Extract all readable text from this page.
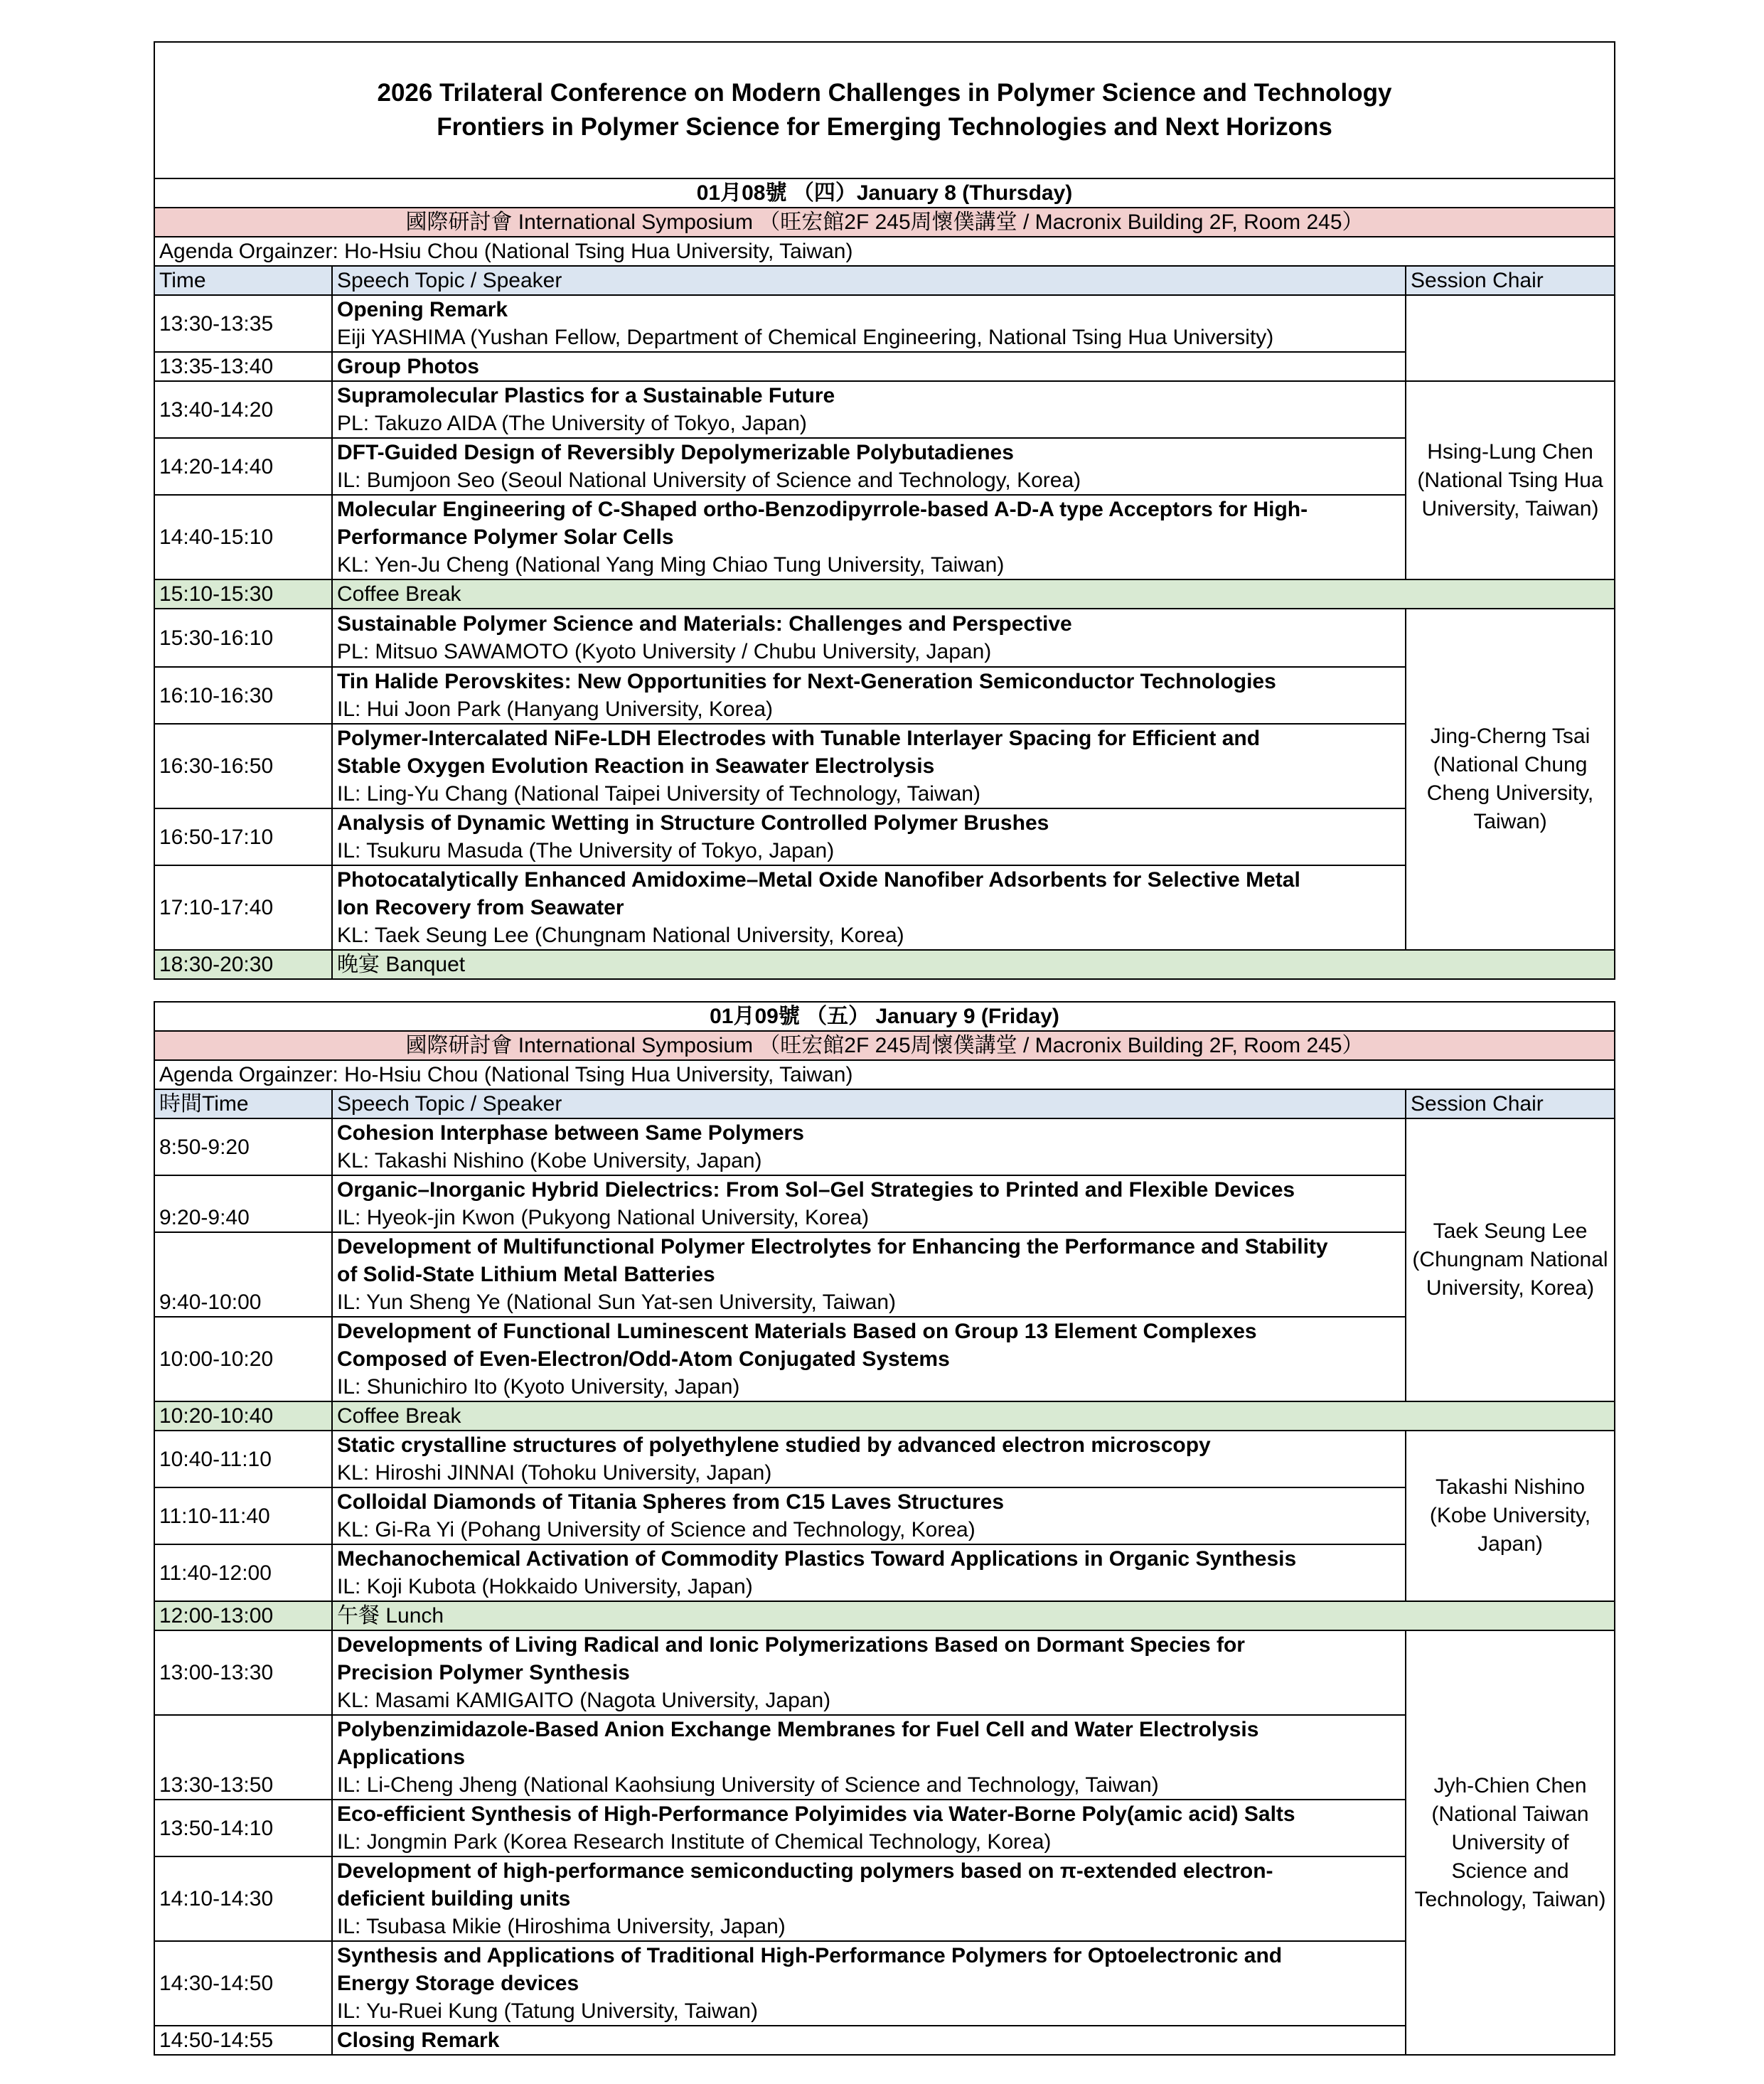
2026 Trilateral Conference on Modern Challenges in Polymer Science and Technology
Frontiers in Polymer Science for Emerging Technologies and Next Horizons		

01月08號 （四）January 8 (Thursday)		
國際研討會 International Symposium （旺宏館2F 245周懷僕講堂 / Macronix Building 2F, Room 245）		
Agenda Orgainzer: Ho-Hsiu Chou (National Tsing Hua University, Taiwan)		
Time	Speech Topic / Speaker	Session Chair
13:30-13:35	Opening Remark
Eiji YASHIMA (Yushan Fellow, Department of Chemical Engineering, National Tsing Hua University)	

13:35-13:40	Group Photos	

13:40-14:20	Supramolecular Plastics for a Sustainable Future
PL: Takuzo AIDA (The University of Tokyo, Japan)	Hsing-Lung Chen (National Tsing Hua University, Taiwan)
14:20-14:40	DFT-Guided Design of Reversibly Depolymerizable Polybutadienes
IL: Bumjoon Seo (Seoul National University of Science and Technology, Korea)	

14:40-15:10	Molecular Engineering of C-Shaped ortho-Benzodipyrrole-based A-D-A type Acceptors for High-
Performance Polymer Solar Cells
KL: Yen-Ju Cheng (National Yang Ming Chiao Tung University, Taiwan)	

15:10-15:30	Coffee Break	
15:30-16:10	Sustainable Polymer Science and Materials: Challenges and Perspective
PL: Mitsuo SAWAMOTO (Kyoto University / Chubu University, Japan)	Jing-Cherng Tsai (National Chung Cheng University, Taiwan)
16:10-16:30	Tin Halide Perovskites: New Opportunities for Next-Generation Semiconductor Technologies
IL: Hui Joon Park (Hanyang University, Korea)	

16:30-16:50	Polymer-Intercalated NiFe-LDH Electrodes with Tunable Interlayer Spacing for Efficient and
Stable Oxygen Evolution Reaction in Seawater Electrolysis
IL: Ling-Yu Chang (National Taipei University of Technology, Taiwan)	

16:50-17:10	Analysis of Dynamic Wetting in Structure Controlled Polymer Brushes
IL: Tsukuru Masuda (The University of Tokyo, Japan)	

17:10-17:40	Photocatalytically Enhanced Amidoxime–Metal Oxide Nanofiber Adsorbents for Selective Metal
Ion Recovery from Seawater
KL: Taek Seung Lee (Chungnam National University, Korea)	

18:30-20:30	晚宴 Banquet	
01月09號 （五） January 9 (Friday)		
國際研討會 International Symposium （旺宏館2F 245周懷僕講堂 / Macronix Building 2F, Room 245）		
Agenda Orgainzer: Ho-Hsiu Chou (National Tsing Hua University, Taiwan)		
時間Time	Speech Topic / Speaker	Session Chair
8:50-9:20	Cohesion Interphase between Same Polymers
KL: Takashi Nishino (Kobe University, Japan)	Taek Seung Lee (Chungnam National University, Korea)
9:20-9:40	Organic–Inorganic Hybrid Dielectrics: From Sol–Gel Strategies to Printed and Flexible Devices
IL: Hyeok-jin Kwon (Pukyong National University, Korea)	

9:40-10:00	Development of Multifunctional Polymer Electrolytes for Enhancing the Performance and Stability
of Solid-State Lithium Metal Batteries
IL: Yun Sheng Ye (National Sun Yat-sen University, Taiwan)	

10:00-10:20	Development of Functional Luminescent Materials Based on Group 13 Element Complexes
Composed of Even-Electron/Odd-Atom Conjugated Systems
IL: Shunichiro Ito (Kyoto University, Japan)	

10:20-10:40	Coffee Break	
10:40-11:10	Static crystalline structures of polyethylene studied by advanced electron microscopy
KL: Hiroshi JINNAI (Tohoku University, Japan)	Takashi Nishino (Kobe University, Japan)
11:10-11:40	Colloidal Diamonds of Titania Spheres from C15 Laves Structures
KL: Gi-Ra Yi (Pohang University of Science and Technology, Korea)	

11:40-12:00	Mechanochemical Activation of Commodity Plastics Toward Applications in Organic Synthesis
IL: Koji Kubota (Hokkaido University, Japan)	

12:00-13:00	午餐 Lunch	
13:00-13:30	Developments of Living Radical and Ionic Polymerizations Based on Dormant Species for
Precision Polymer Synthesis
KL: Masami KAMIGAITO (Nagota University, Japan)	Jyh-Chien Chen (National Taiwan University of Science and Technology, Taiwan)
13:30-13:50	Polybenzimidazole-Based Anion Exchange Membranes for Fuel Cell and Water Electrolysis
Applications
IL: Li-Cheng Jheng (National Kaohsiung University of Science and Technology, Taiwan)	

13:50-14:10	Eco-efficient Synthesis of High-Performance Polyimides via Water-Borne Poly(amic acid) Salts
IL: Jongmin Park (Korea Research Institute of Chemical Technology, Korea)	

14:10-14:30	Development of high-performance semiconducting polymers based on π-extended electron-
deficient building units
IL: Tsubasa Mikie (Hiroshima University, Japan)	

14:30-14:50	Synthesis and Applications of Traditional High-Performance Polymers for Optoelectronic and
Energy Storage devices
IL: Yu-Ruei Kung (Tatung University, Taiwan)	

14:50-14:55	Closing Remark	
